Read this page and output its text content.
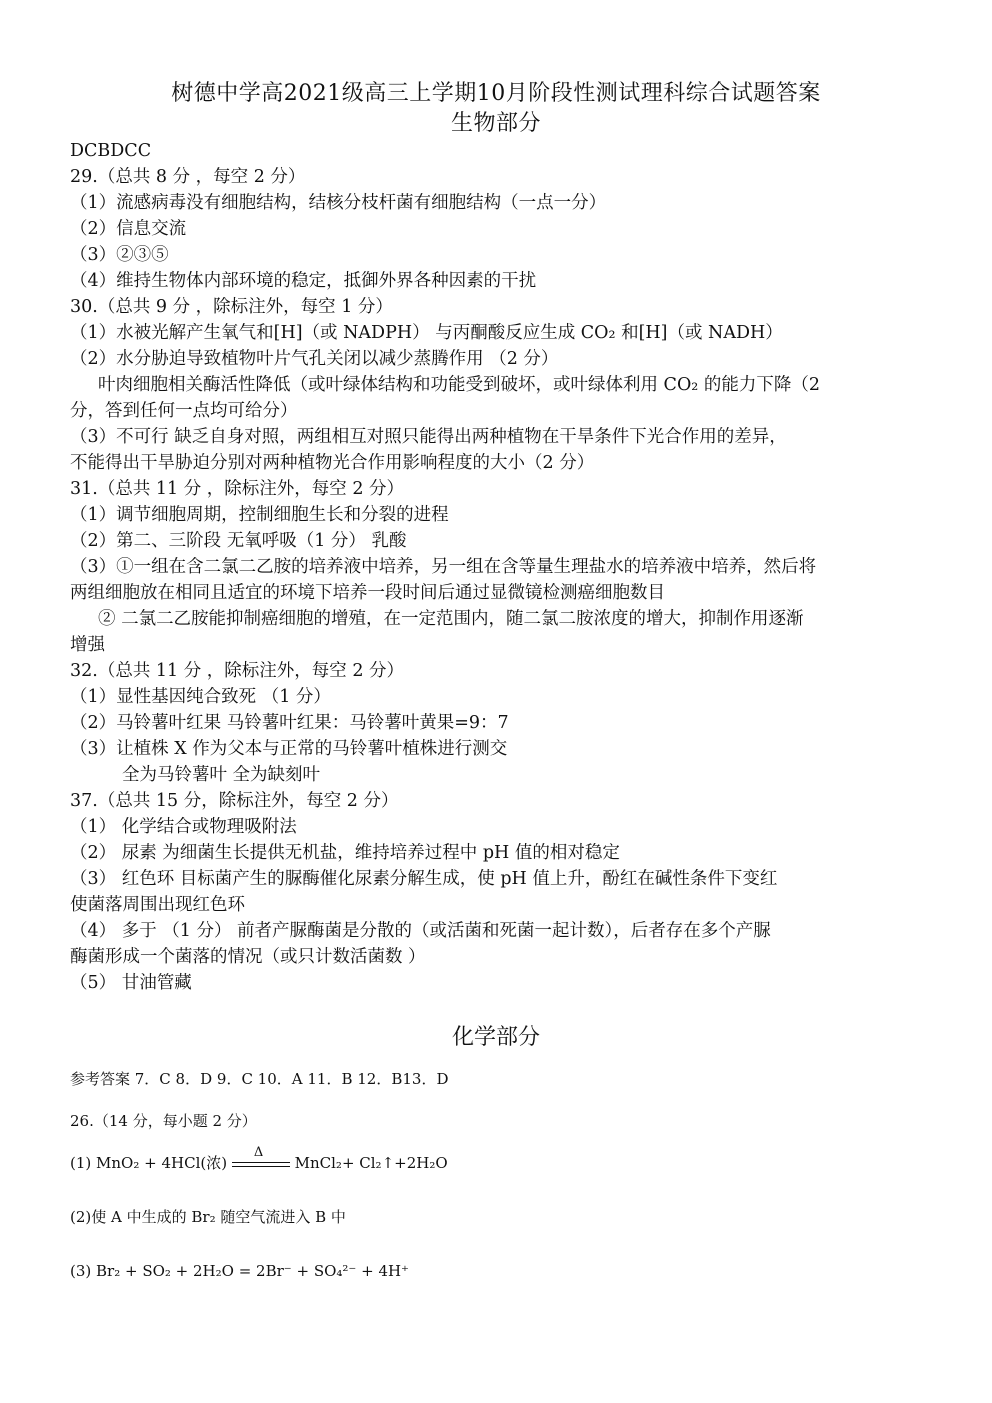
树德中学高2021级高三上学期10月阶段性测试理科综合试题答案
生物部分
DCBDCC
29.（总共 8 分 ，每空 2 分）
（1）流感病毒没有细胞结构，结核分枝杆菌有细胞结构（一点一分）
（2）信息交流
（3）②③⑤
（4）维持生物体内部环境的稳定，抵御外界各种因素的干扰
30.（总共 9 分 ，除标注外，每空 1 分）
（1）水被光解产生氧气和[H]（或 NADPH） 与丙酮酸反应生成 CO₂ 和[H]（或 NADH）
（2）水分胁迫导致植物叶片气孔关闭以减少蒸腾作用 （2 分）
叶肉细胞相关酶活性降低（或叶绿体结构和功能受到破坏，或叶绿体利用 CO₂ 的能力下降（2
分，答到任何一点均可给分）
（3）不可行 缺乏自身对照，两组相互对照只能得出两种植物在干旱条件下光合作用的差异，
不能得出干旱胁迫分别对两种植物光合作用影响程度的大小（2 分）
31.（总共 11 分 ，除标注外，每空 2 分）
（1）调节细胞周期，控制细胞生长和分裂的进程
（2）第二、三阶段 无氧呼吸（1 分） 乳酸
（3）①一组在含二氯二乙胺的培养液中培养，另一组在含等量生理盐水的培养液中培养，然后将
两组细胞放在相同且适宜的环境下培养一段时间后通过显微镜检测癌细胞数目
② 二氯二乙胺能抑制癌细胞的增殖，在一定范围内，随二氯二胺浓度的增大，抑制作用逐渐
增强
32.（总共 11 分 ，除标注外，每空 2 分）
（1）显性基因纯合致死 （1 分）
（2）马铃薯叶红果 马铃薯叶红果：马铃薯叶黄果=9：7
（3）让植株 X 作为父本与正常的马铃薯叶植株进行测交
全为马铃薯叶 全为缺刻叶
37.（总共 15 分，除标注外，每空 2 分）
（1） 化学结合或物理吸附法
（2） 尿素 为细菌生长提供无机盐，维持培养过程中 pH 值的相对稳定
（3） 红色环 目标菌产生的脲酶催化尿素分解生成，使 pH 值上升，酚红在碱性条件下变红
使菌落周围出现红色环
（4） 多于 （1 分） 前者产脲酶菌是分散的（或活菌和死菌一起计数），后者存在多个产脲
酶菌形成一个菌落的情况（或只计数活菌数 ）
（5） 甘油管藏
化学部分
参考答案 7．C 8．D 9．C 10．A 11．B 12．B13．D
26.（14 分，每小题 2 分）
(1) MnO₂ + 4HCl(浓)
Δ
MnCl₂+ Cl₂↑+2H₂O
(2)使 A 中生成的 Br₂ 随空气流进入 B 中
(3) Br₂ + SO₂ + 2H₂O = 2Br⁻ + SO₄²⁻ + 4H⁺
